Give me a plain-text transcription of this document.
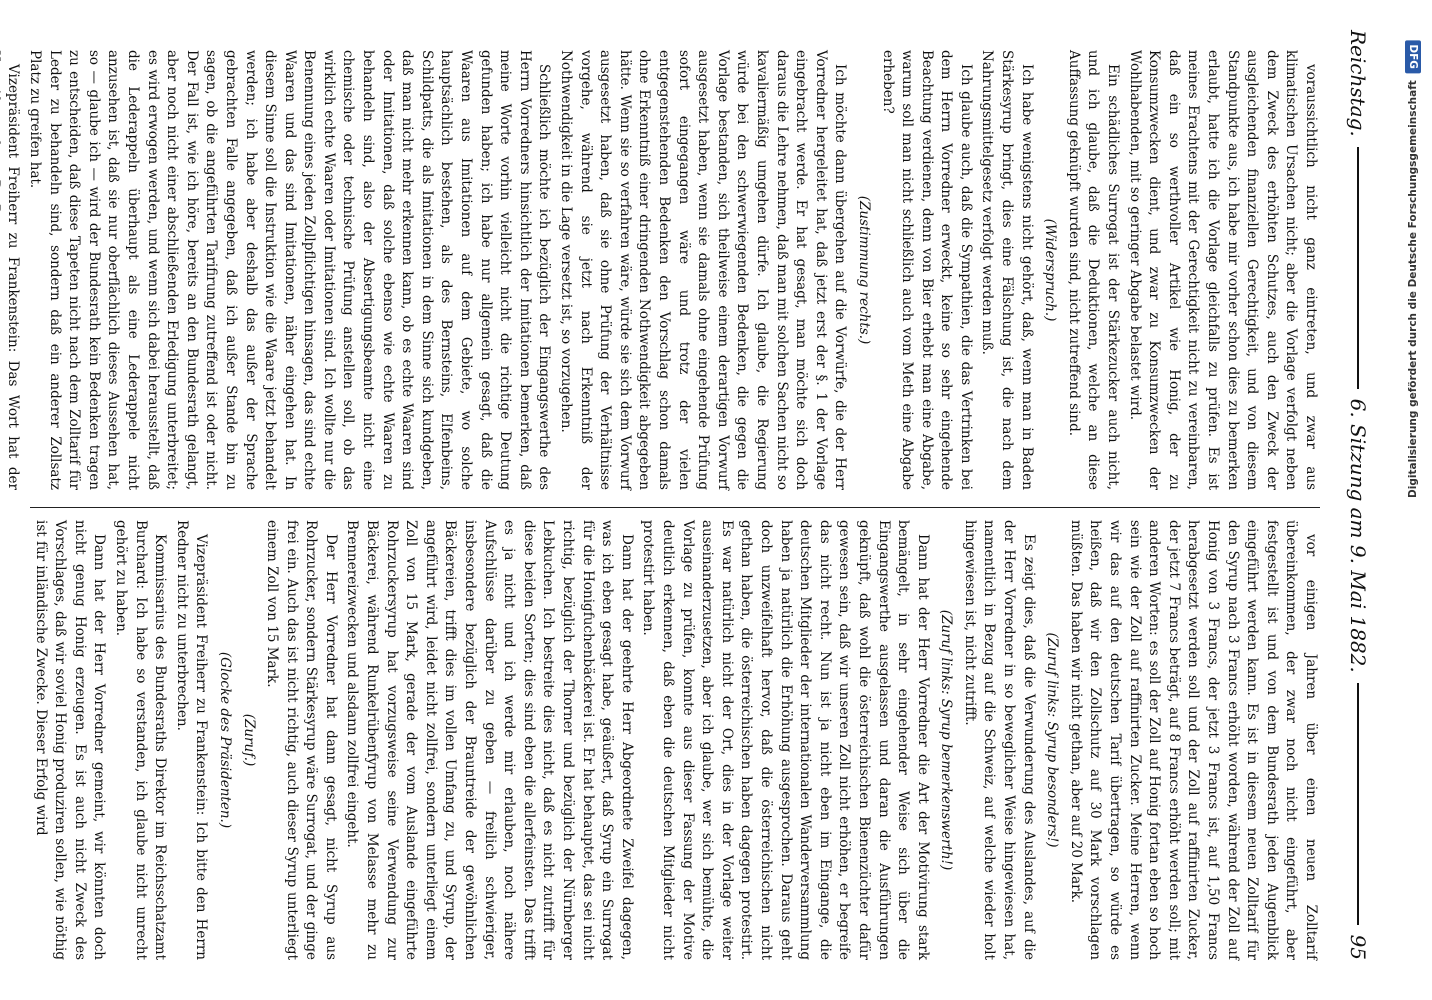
vor einigen Jahren über einen neuen Zolltarif übereinkommen, der zwar noch nicht eingeführt, aber festgestellt ist und von dem Bundesrath jeden Augenblick eingeführt werden kann. Es ist in diesem neuen Zolltarif für den Syrup nach 3 Francs erhöht worden, während der Zoll auf Honig von 3 Francs, der jetzt 3 Francs ist, auf 1,50 Francs herabgesetzt werden soll und der Zoll auf raffinirten Zucker, der jetzt 7 Francs beträgt, auf 8 Francs erhöht werden soll; mit anderen Worten: es soll der Zoll auf Honig fortan eben so hoch sein wie der Zoll auf raffinirten Zucker. Meine Herren, wenn wir das auf den deutschen Tarif übertragen, so würde es heißen, daß wir den Zollschutz auf 30 Mark vorschlagen müßten. Das haben wir nicht gethan, aber auf 20 Mark.

(Zuruf links: Syrup besonders!)

Es zeigt dies, daß die Verwunderung des Auslandes, auf die der Herr Vorredner in so beweglicher Weise hingewiesen hat, namentlich in Bezug auf die Schweiz, auf welche wieder holt hingewiesen ist, nicht zutrifft.

(Zuruf links: Syrup bemerkenswerth!)

Dann hat der Herr Vorredner die Art der Motivirung stark bemängelt, in sehr eingehender Weise sich über die Eingangswerthe ausgelassen und daran die Ausführungen geknüpft, daß wohl die österreichischen Bienenzüchter dafür gewesen sein, daß wir unseren Zoll nicht erhöhen, er begreife das nicht recht. Nun ist ja nicht eben im Eingange, die deutschen Mitglieder der internationalen Wanderversammlung haben ja natürlich die Erhöhung ausgesprochen. Daraus geht doch unzweifelhaft hervor, daß die österreichischen nicht gethan haben, die österreichischen haben dagegen protestirt. Es war natürlich nicht der Ort, dies in der Vorlage weiter auseinanderzusetzen, aber ich glaube, wer sich bemühte, die Vorlage zu prüfen, konnte aus dieser Fassung der Motive deutlich erkennen, daß eben die deutschen Mitglieder nicht protestirt haben.

Dann hat der geehrte Herr Abgeordnete Zweifel dagegen, was ich eben gesagt habe, geäußert, daß Syrup ein Surrogat für die Honigfuchenbäckerei ist. Er hat behauptet, das sei nicht richtig, bezüglich der Thorner und bezüglich der Nürnberger Lebkuchen. Ich bestreite dies nicht, daß es nicht zutrifft für diese beiden Sorten; dies sind eben die allerfeinsten. Das trifft es ja nicht und ich werde mir erlauben, noch nähere Aufschlüsse darüber zu geben — freilich schwieriger, insbesondere bezüglich der Brauntreide der gewöhnlichen Bäckereien, trifft dies im vollen Umfang zu, und Syrup, der angeführt wird, leidet nicht zollfrei, sondern unterliegt einem Zoll von 15 Mark, gerade der vom Auslande eingeführte Rohrzuckersyrup hat vorzugsweise seine Verwendung zur Bäckerei, während Runkelrübenfyrup von Melasse mehr zu Brennereizwecken und alsdann zollfrei eingeht.

Der Herr Vorredner hat dann gesagt, nicht Syrup aus Rohrzucker, sondern Stärkesyrup wäre Surrogat, und der ginge frei ein. Auch das ist nicht richtig, auch dieser Syrup unterliegt einem Zoll von 15 Mark.

(Zuruf.)

(Glocke des Präsidenten.)

Vizepräsident Freiherr zu Frankenstein: Ich bitte den Herrn Redner nicht zu unterbrechen.

Kommissarius des Bundesraths Direktor im Reichsschatzamt Burchard: Ich habe so verstanden, ich glaube nicht unrecht gehört zu haben.

Dann hat der Herr Vorredner gemeint, wir könnten doch nicht genug Honig erzeugen. Es ist auch nicht Zweck des Vorschlages, daß wir soviel Honig produziren sollen, wie nöthig ist für inländische Zwecke. Dieser Erfolg wird

voraussichtlich nicht ganz eintreten, und zwar aus klimatischen Ursachen nicht; aber die Vorlage verfolgt neben dem Zweck des erhöhten Schutzes, auch den Zweck der ausgleichenden finanziellen Gerechtigkeit, und von diesem Standpunkte aus, ich habe mir vorher schon dies zu bemerken erlaubt, hatte ich die Vorlage gleichfalls zu prüfen. Es ist meines Erachtens mit der Gerechtigkeit nicht zu vereinbaren, daß ein so werthvoller Artikel wie Honig, der zu Konsumzwecken dient, und zwar zu Konsumzwecken der Wohlhabenden, mit so geringer Abgabe belastet wird.

Ein schädliches Surrogat ist der Stärkezucker auch nicht, und ich glaube, daß die Deduktionen, welche an diese Auffassung geknüpft wurden sind, nicht zutreffend sind.

(Widerspruch.)

Ich habe wenigstens nicht gehört, daß, wenn man in Baden Stärkesyrup bringt, dies eine Fälschung ist, die nach dem Nahrungsmittelgesetz verfolgt werden muß.

Ich glaube auch, daß die Sympathien, die das Vertrinken bei dem Herrn Vorredner erweckt, keine so sehr eingehende Beachtung verdienen, denn von Bier erhebt man eine Abgabe, warum soll man nicht schließlich auch vom Meth eine Abgabe erheben?

(Zustimmung rechts.)

Ich möchte dann übergehen auf die Vorwürfe, die der Herr Vorredner hergeleitet hat, daß jetzt erst der §. 1 der Vorlage eingebracht werde. Er hat gesagt, man möchte sich doch daraus die Lehre nehmen, daß man mit solchen Sachen nicht so kavaliermäßig umgehen dürfe. Ich glaube, die Regierung würde bei den schwerwiegenden Bedenken, die gegen die Vorlage bestanden, sich theilweise einem derartigen Vorwurf ausgesetzt haben, wenn sie damals ohne eingehende Prüfung sofort eingegangen wäre und trotz der vielen entgegenstehenden Bedenken den Vorschlag schon damals ohne Erkenntniß einer dringenden Nothwendigkeit abgegeben hätte. Wenn sie so verfahren wäre, würde sie sich dem Vorwurf ausgesetzt haben, daß sie ohne Prüfung der Verhältnisse vorgehe, während sie jetzt nach Erkenntniß der Nothwendigkeit in die Lage versetzt ist, so vorzugehen.

Schließlich möchte ich bezüglich der Eingangswerthe des Herrn Vorredners hinsichtlich der Imitationen bemerken, daß meine Worte vorhin vielleicht nicht die richtige Deutung gefunden haben; ich habe nur allgemein gesagt, daß die Waaren aus Imitationen auf dem Gebiete, wo solche hauptsächlich bestehen, als des Bernsteins, Elfenbeins, Schildpatts, die als Imitationen in dem Sinne sich kundgeben, daß man nicht mehr erkennen kann, ob es echte Waaren sind oder Imitationen, daß solche ebenso wie echte Waaren zu behandeln sind, also der Absertigungsbeamte nicht eine chemische oder technische Prüfung anstellen soll, ob das wirklich echte Waaren oder Imitationen sind. Ich wollte nur die Benennung eines jeden Zollpflichtigen hinsagen, das sind echte Waaren und das sind Imitationen, näher eingehen hat. In diesem Sinne soll die Instruktion wie die Waare jetzt behandelt werden; ich habe aber deshalb das außer der Sprache gebrachten Falle angegeben, daß ich außer Stande bin zu sagen, ob die angeführten Tarifirung zutreffend ist oder nicht. Der Fall ist, wie ich höre, bereits an den Bundesrath gelangt, aber noch nicht einer abschließenden Erledigung unterbreitet; es wird erwogen werden, und wenn sich dabei herausstellt, daß die Lederappeln überhaupt als eine Lederappele nicht anzusehen ist, daß sie nur oberflächlich dieses Aussehen hat, so — glaube ich — wird der Bundesrath kein Bedenken tragen zu entscheiden, daß diese Tapeten nicht nach dem Zolltarif für Leder zu behandeln sind, sondern daß ein anderer Zollsatz Platz zu greifen hat.

Vizepräsident Freiherr zu Frankenstein: Das Wort hat der

Reichstag.
6. Sitzung am 9. Mai 1882.
95
Digitalisierung gefördert durch die Deutsche Forschungsgemeinschaft DFG
